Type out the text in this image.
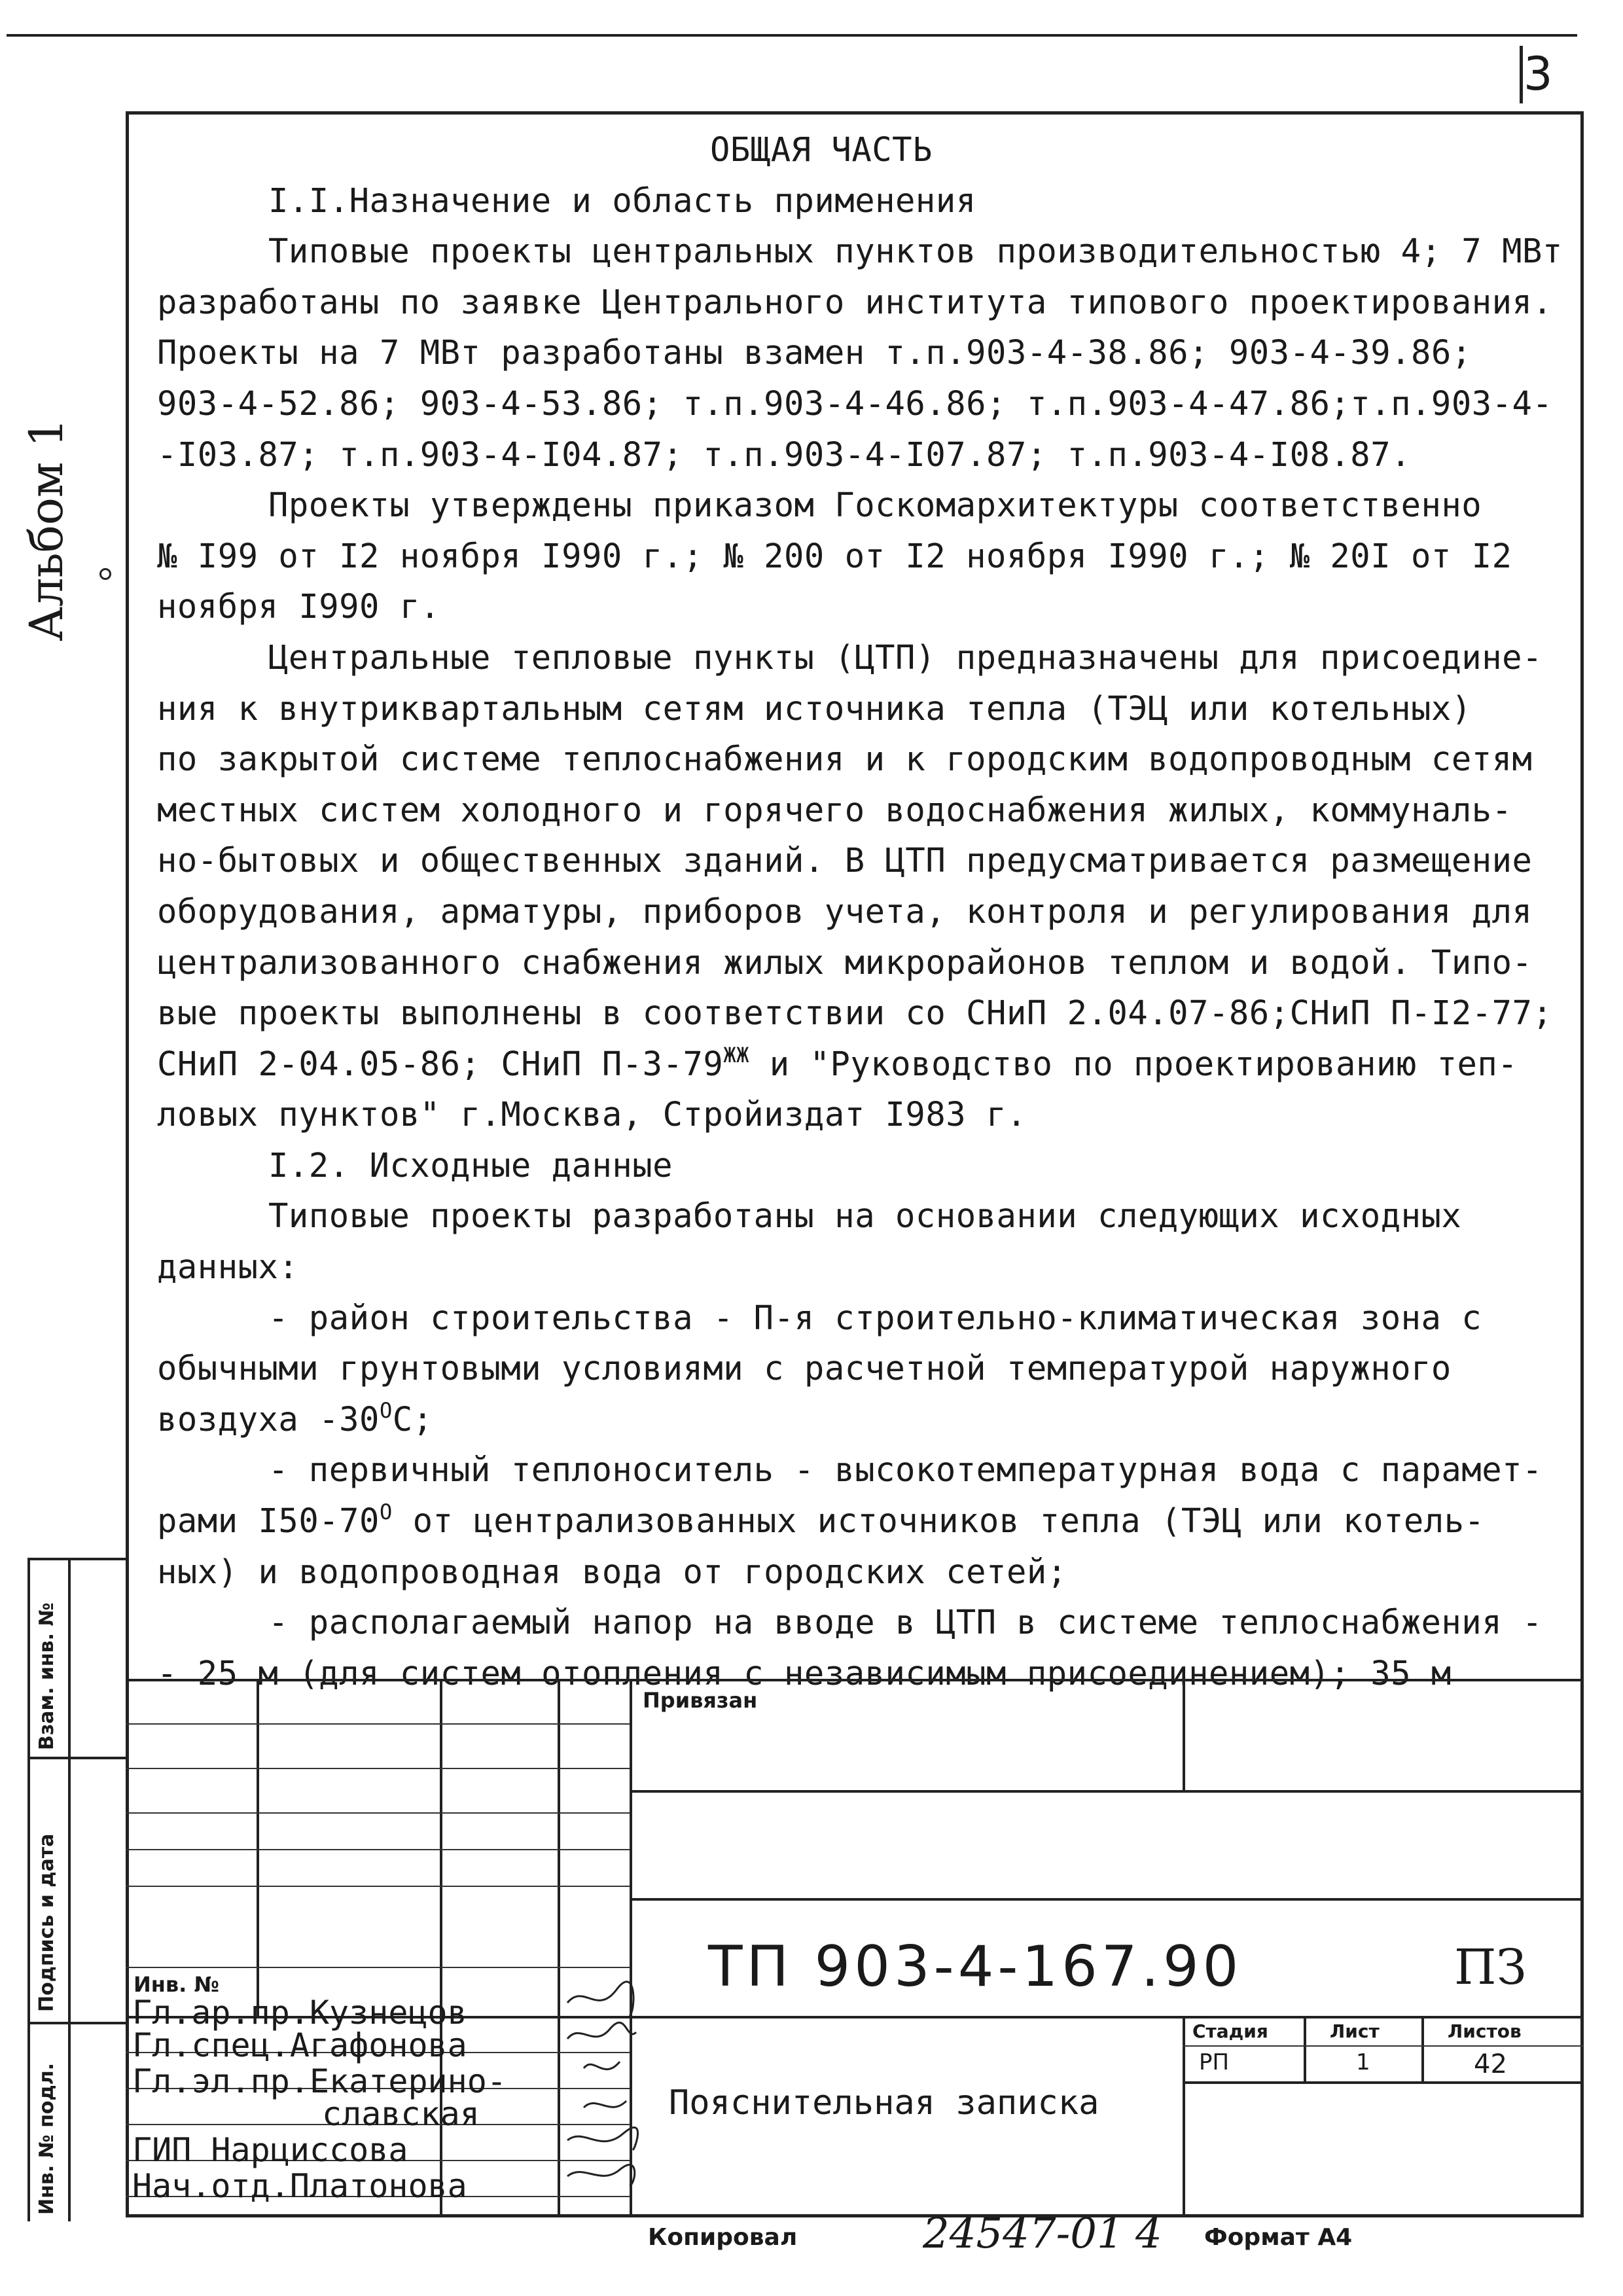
3
Альбом 1
ОБЩАЯ ЧАСТЬ
I.I.Назначение и область применения
Типовые проекты центральных пунктов производительностью 4; 7 МВт
разработаны по заявке Центрального института типового проектирования.
Проекты на 7 МВт разработаны взамен т.п.903-4-38.86; 903-4-39.86;
903-4-52.86; 903-4-53.86; т.п.903-4-46.86; т.п.903-4-47.86;т.п.903-4-
-I03.87; т.п.903-4-I04.87; т.п.903-4-I07.87; т.п.903-4-I08.87.
Проекты утверждены приказом Госкомархитектуры соответственно
№ I99 от I2 ноября I990 г.; № 200 от I2 ноября I990 г.; № 20I от I2
ноября I990 г.
Центральные тепловые пункты (ЦТП) предназначены для присоедине-
ния к внутриквартальным сетям источника тепла (ТЭЦ или котельных)
по закрытой системе теплоснабжения и к городским водопроводным сетям
местных систем холодного и горячего водоснабжения жилых, коммуналь-
но-бытовых и общественных зданий. В ЦТП предусматривается размещение
оборудования, арматуры, приборов учета, контроля и регулирования для
централизованного снабжения жилых микрорайонов теплом и водой. Типо-
вые проекты выполнены в соответствии со СНиП 2.04.07-86;СНиП П-I2-77;
СНиП 2-04.05-86; СНиП $П-3-79^{ЖЖ}$ и "Руководство по проектированию теп-
ловых пунктов" г.Москва, Стройиздат I983 г.
I.2. Исходные данные
Типовые проекты разработаны на основании следующих исходных
данных:
- район строительства - П-я строительно-климатическая зона с
обычными грунтовыми условиями с расчетной температурой наружного
воздуха $-30^ОС$;
- первичный теплоноситель - высокотемпературная вода с парамет-
рами $I50-70^О$ от централизованных источников тепла (ТЭЦ или котель-
ных) и водопроводная вода от городских сетей;
- располагаемый напор на вводе в ЦТП в системе теплоснабжения -
- 25 м (для систем отопления с независимым присоединением); 35 м
Взам. инв. №
Подпись и дата
Инв. № подл.
Привязан
Инв. №	ТП 903-4-167.90	ПЗ
Пояснительная записка
Стадия	Лист	Листов
РП	1	42
Гл.ар.пр.Кузнецов
Гл.спец.Агафонова
Гл.эл.пр.Екатерино-
славская
ГИП Нарциссова
Нач.отд.Платонова
Копировал	24547-01 4 Формат А4
